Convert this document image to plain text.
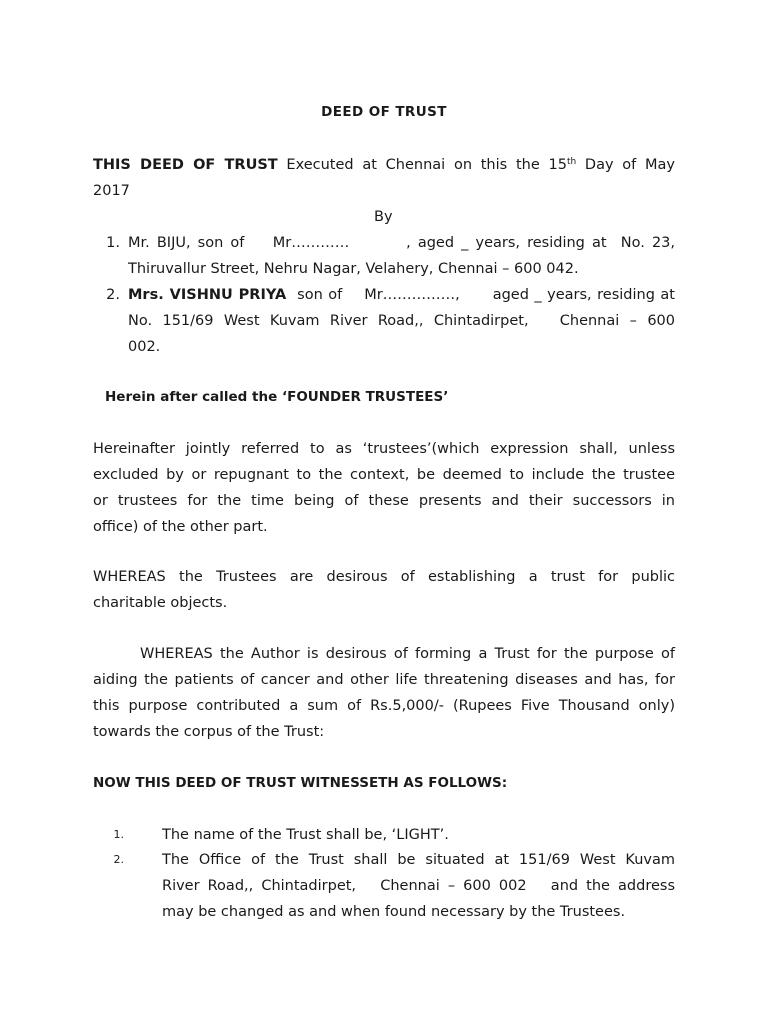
DEED OF TRUST
THIS DEED OF TRUST Executed at Chennai on this the 15th Day of May
2017
By
1. Mr. BIJU, son of    Mr…………        , aged _ years, residing at  No. 23,
Thiruvallur Street, Nehru Nagar, Velahery, Chennai – 600 042.
2. Mrs. VISHNU PRIYA  son of    Mr……………,      aged _ years, residing at
No. 151/69 West Kuvam River Road,, Chintadirpet,   Chennai – 600
002.
Herein after called the ‘FOUNDER TRUSTEES’
Hereinafter jointly referred to as ‘trustees’(which expression shall, unless
excluded by or repugnant to the context, be deemed to include the trustee
or trustees for the time being of these presents and their successors in
office) of the other part.
WHEREAS the Trustees are desirous of establishing a trust for public
charitable objects.
WHEREAS the Author is desirous of forming a Trust for the purpose of
aiding the patients of cancer and other life threatening diseases and has, for
this purpose contributed a sum of Rs.5,000/- (Rupees Five Thousand only)
towards the corpus of the Trust:
NOW THIS DEED OF TRUST WITNESSETH AS FOLLOWS:
1.	The name of the Trust shall be, ‘LIGHT’.
2.	The Office of the Trust shall be situated at 151/69 West Kuvam
River Road,, Chintadirpet,   Chennai – 600 002   and the address
may be changed as and when found necessary by the Trustees.
